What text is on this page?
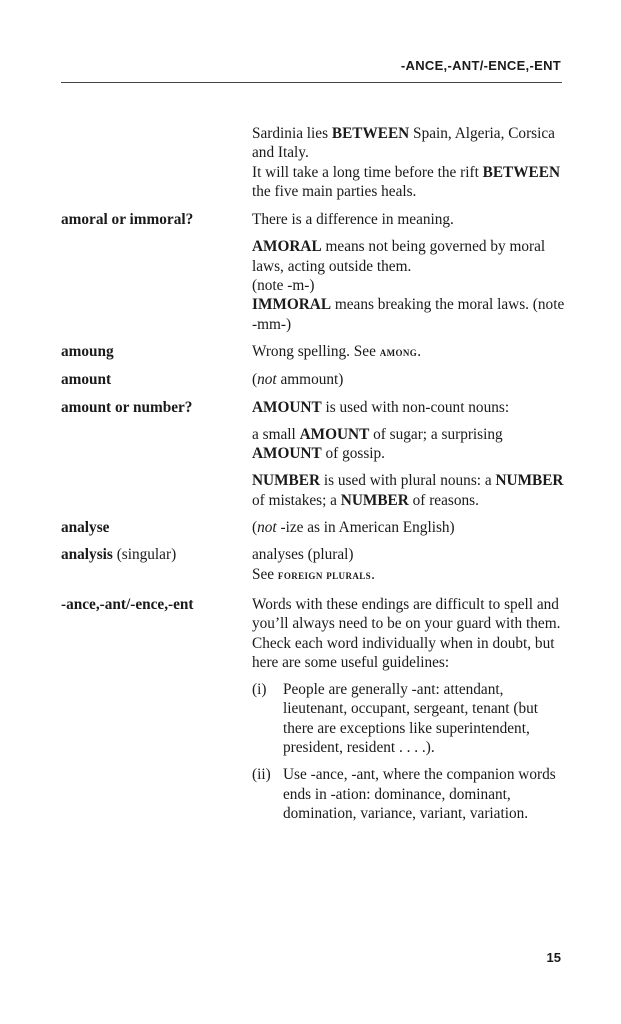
-ANCE,-ANT/-ENCE,-ENT

Sardinia lies BETWEEN Spain, Algeria, Corsica and Italy.

It will take a long time before the rift BETWEEN the five main parties heals.

amoral or immoral?	There is a difference in meaning.

AMORAL means not being governed by moral laws, acting outside them.

(note -m-)

IMMORAL means breaking the moral laws. (note -mm-)

amoung	Wrong spelling. See among.

amount	(not ammount)

amount or number?	AMOUNT is used with non-count nouns:

a small AMOUNT of sugar; a surprising AMOUNT of gossip.

NUMBER is used with plural nouns: a NUMBER of mistakes; a NUMBER of reasons.

analyse	(not -ize as in American English)

analysis (singular)	analyses (plural)

See foreign plurals.

-ance,-ant/-ence,-ent	Words with these endings are difficult to spell and you’ll always need to be on your guard with them. Check each word individually when in doubt, but here are some useful guidelines:

(i) People are generally -ant: attendant, lieutenant, occupant, sergeant, tenant (but there are exceptions like superintendent, president, resident . . . .).
(ii) Use -ance, -ant, where the companion words ends in -ation: dominance, dominant, domination, variance, variant, variation.
15
